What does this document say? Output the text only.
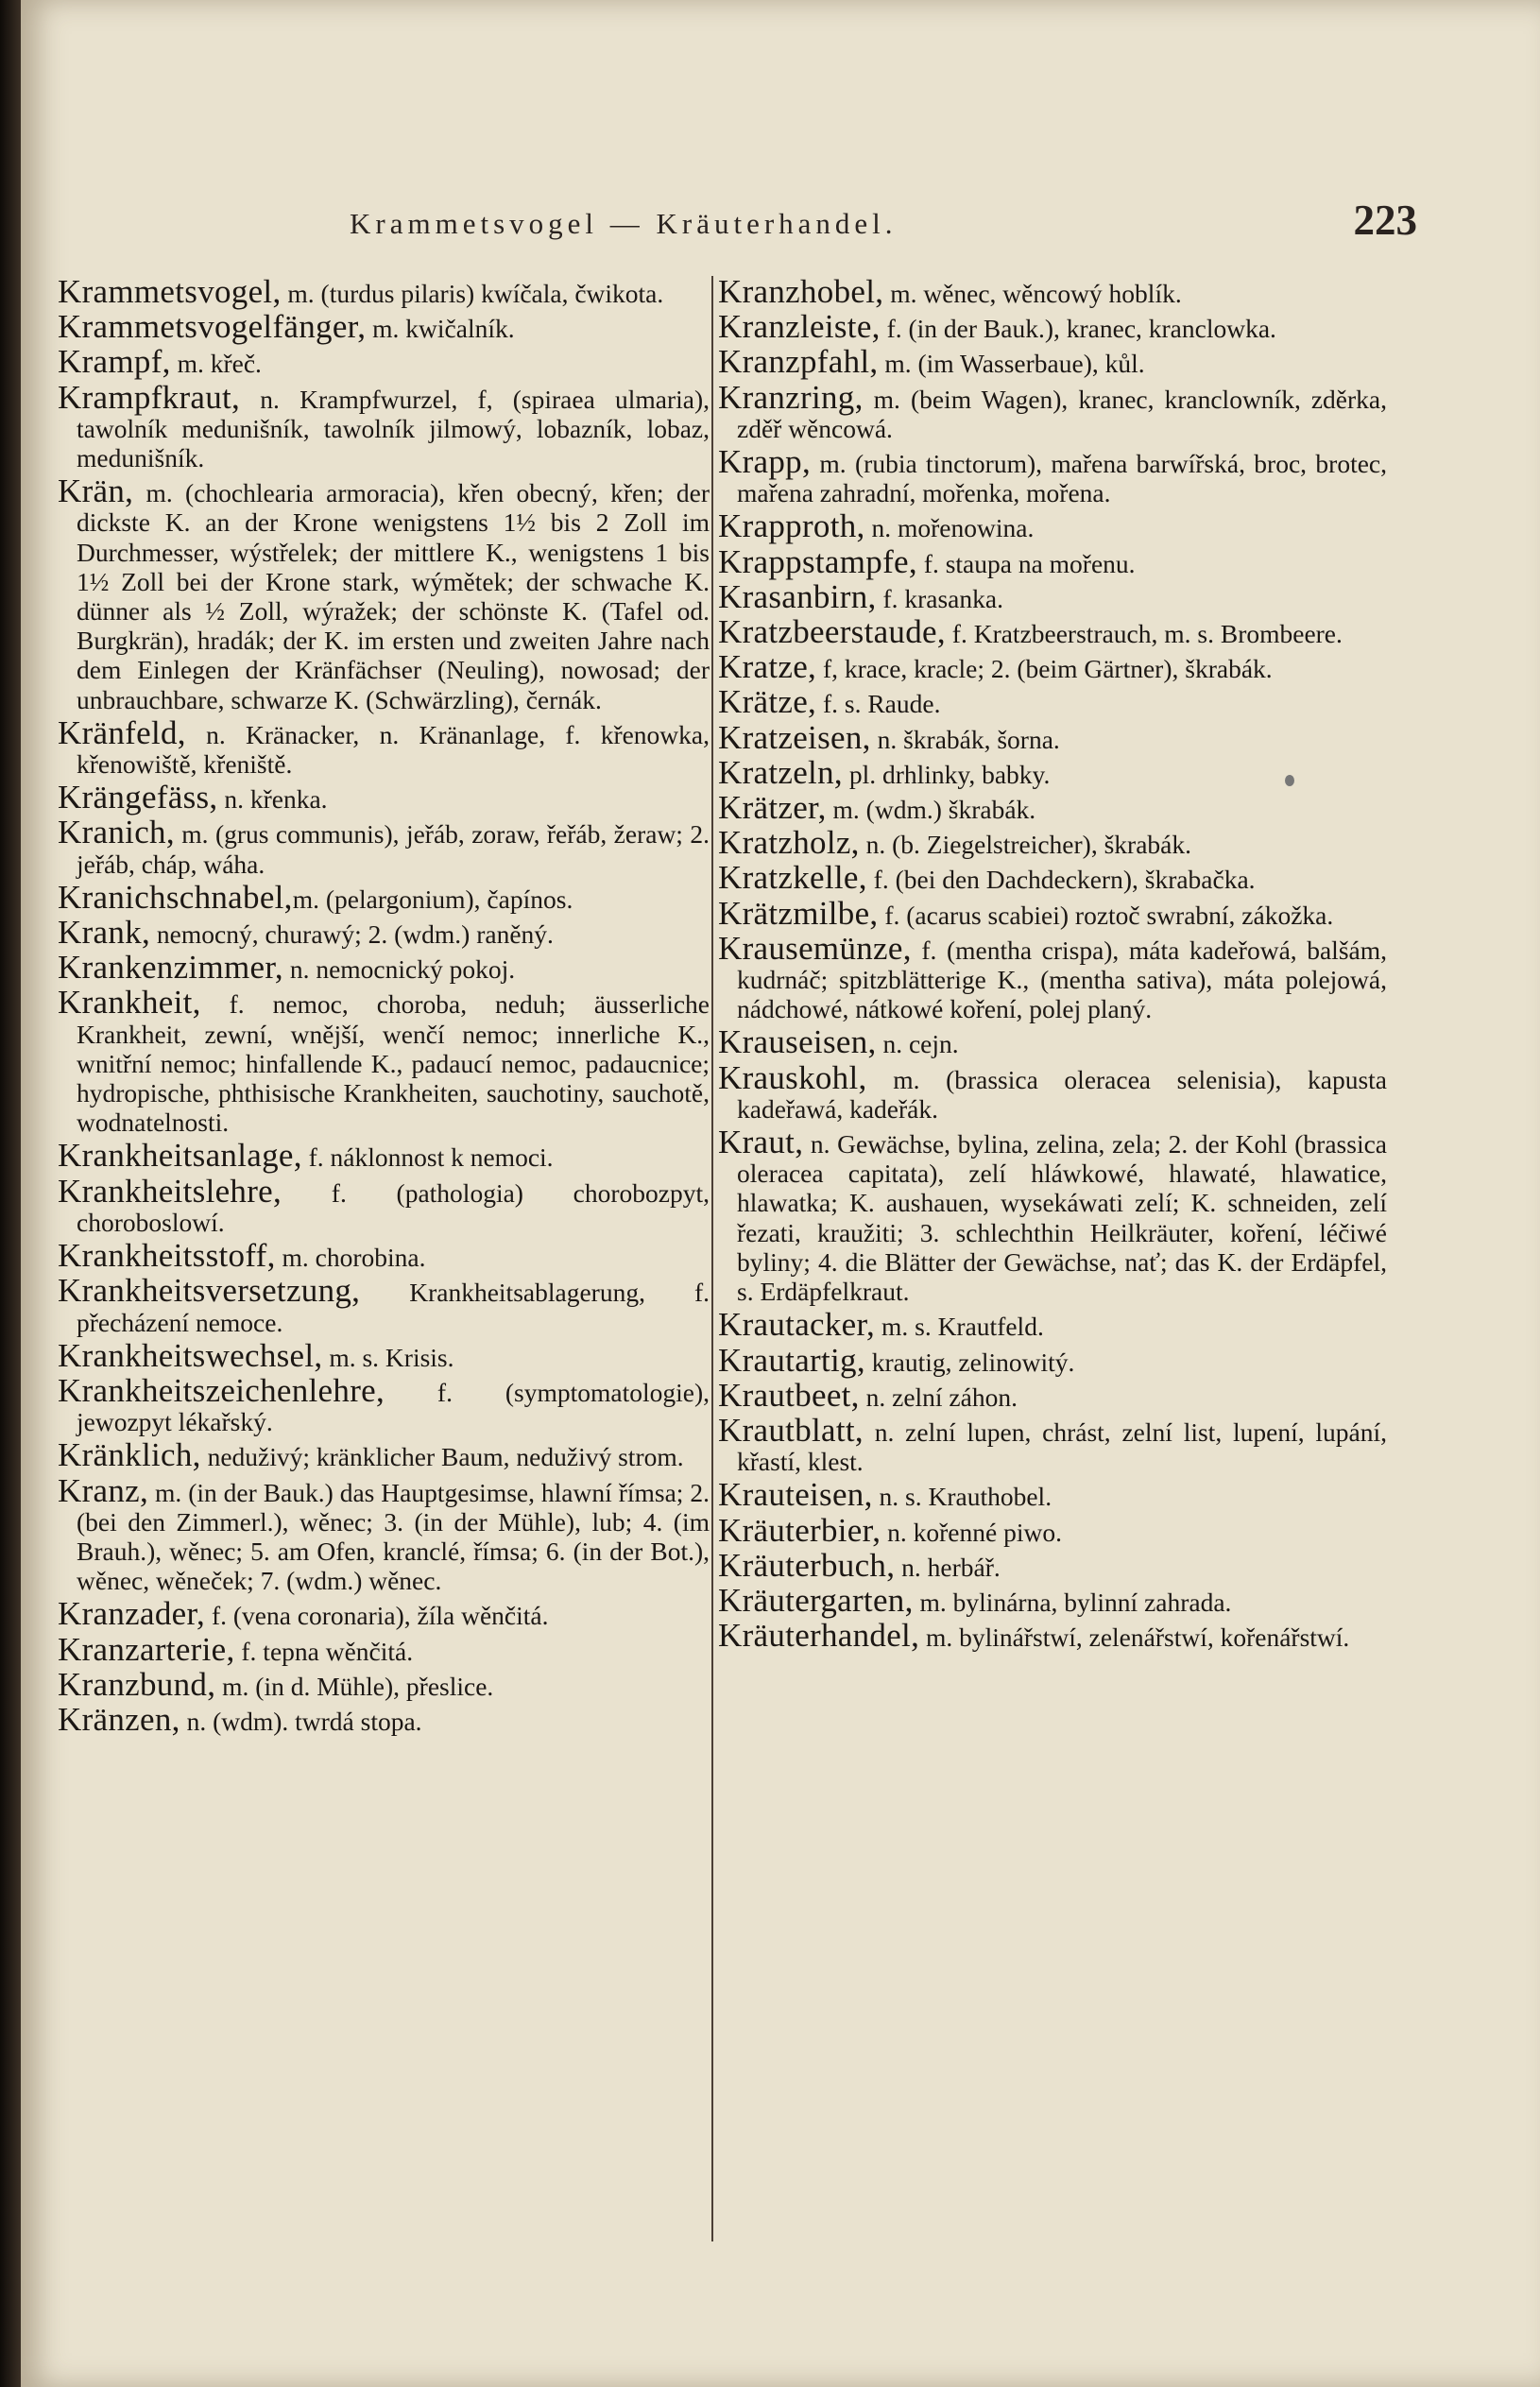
Krammetsvogel — Kräuterhandel.	223

Krammetsvogel, m. (turdus pilaris) kwíčala, čwikota.

Krammetsvogelfänger, m. kwičalník.

Krampf, m. křeč.

Krampfkraut, n. Krampfwurzel, f, (spiraea ulmaria), tawolník medunišník, tawolník jilmowý, lobazník, lobaz, medunišník.

Krän, m. (chochlearia armoracia), křen obecný, křen; der dickste K. an der Krone wenigstens 1½ bis 2 Zoll im Durchmesser, wýstřelek; der mittlere K., wenigstens 1 bis 1½ Zoll bei der Krone stark, wýmětek; der schwache K. dünner als ½ Zoll, wýražek; der schönste K. (Tafel od. Burgkrän), hradák; der K. im ersten und zweiten Jahre nach dem Einlegen der Kränfächser (Neuling), nowosad; der unbrauchbare, schwarze K. (Schwärzling), černák.

Kränfeld, n. Kränacker, n. Kränanlage, f. křenowka, křenowiště, křeniště.

Krängefäss, n. křenka.

Kranich, m. (grus communis), jeřáb, zoraw, řeřáb, žeraw; 2. jeřáb, cháp, wáha.

Kranichschnabel,m. (pelargonium), čapínos.

Krank, nemocný, churawý; 2. (wdm.) raněný.

Krankenzimmer, n. nemocnický pokoj.

Krankheit, f. nemoc, choroba, neduh; äusserliche Krankheit, zewní, wnější, wenčí nemoc; innerliche K., wnitřní nemoc; hinfallende K., padaucí nemoc, padaucnice; hydropische, phthisische Krankheiten, sauchotiny, sauchotě, wodnatelnosti.

Krankheitsanlage, f. náklonnost k nemoci.

Krankheitslehre, f. (pathologia) chorobozpyt, choroboslowí.

Krankheitsstoff, m. chorobina.

Krankheitsversetzung, Krankheitsablagerung, f. přecházení nemoce.

Krankheitswechsel, m. s. Krisis.

Krankheitszeichenlehre, f. (symptomatologie), jewozpyt lékařský.

Kränklich, neduživý; kränklicher Baum, neduživý strom.

Kranz, m. (in der Bauk.) das Hauptgesimse, hlawní římsa; 2. (bei den Zimmerl.), wěnec; 3. (in der Mühle), lub; 4. (im Brauh.), wěnec; 5. am Ofen, kranclé, římsa; 6. (in der Bot.), wěnec, wěneček; 7. (wdm.) wěnec.

Kranzader, f. (vena coronaria), žíla wěnčitá.

Kranzarterie, f. tepna wěnčitá.

Kranzbund, m. (in d. Mühle), přeslice.

Kränzen, n. (wdm). twrdá stopa.

Kranzhobel, m. wěnec, wěncowý hoblík.

Kranzleiste, f. (in der Bauk.), kranec, kranclowka.

Kranzpfahl, m. (im Wasserbaue), kůl.

Kranzring, m. (beim Wagen), kranec, kranclowník, zděrka, zděř wěncowá.

Krapp, m. (rubia tinctorum), mařena barwířská, broc, brotec, mařena zahradní, mořenka, mořena.

Krapproth, n. mořenowina.

Krappstampfe, f. staupa na mořenu.

Krasanbirn, f. krasanka.

Kratzbeerstaude, f. Kratzbeerstrauch, m. s. Brombeere.

Kratze, f, krace, kracle; 2. (beim Gärtner), škrabák.

Krätze, f. s. Raude.

Kratzeisen, n. škrabák, šorna.

Kratzeln, pl. drhlinky, babky.

Krätzer, m. (wdm.) škrabák.

Kratzholz, n. (b. Ziegelstreicher), škrabák.

Kratzkelle, f. (bei den Dachdeckern), škrabačka.

Krätzmilbe, f. (acarus scabiei) roztoč swrabní, zákožka.

Krausemünze, f. (mentha crispa), máta kadeřowá, balšám, kudrnáč; spitzblätterige K., (mentha sativa), máta polejowá, nádchowé, nátkowé koření, polej planý.

Krauseisen, n. cejn.

Krauskohl, m. (brassica oleracea selenisia), kapusta kadeřawá, kadeřák.

Kraut, n. Gewächse, bylina, zelina, zela; 2. der Kohl (brassica oleracea capitata), zelí hláwkowé, hlawaté, hlawatice, hlawatka; K. aushauen, wysekáwati zelí; K. schneiden, zelí řezati, kraužiti; 3. schlechthin Heilkräuter, koření, léčiwé byliny; 4. die Blätter der Gewächse, nať; das K. der Erdäpfel, s. Erdäpfelkraut.

Krautacker, m. s. Krautfeld.

Krautartig, krautig, zelinowitý.

Krautbeet, n. zelní záhon.

Krautblatt, n. zelní lupen, chrást, zelní list, lupení, lupání, křastí, klest.

Krauteisen, n. s. Krauthobel.

Kräuterbier, n. kořenné piwo.

Kräuterbuch, n. herbář.

Kräutergarten, m. bylinárna, bylinní zahrada.

Kräuterhandel, m. bylinářstwí, zelenářstwí, kořenářstwí.
